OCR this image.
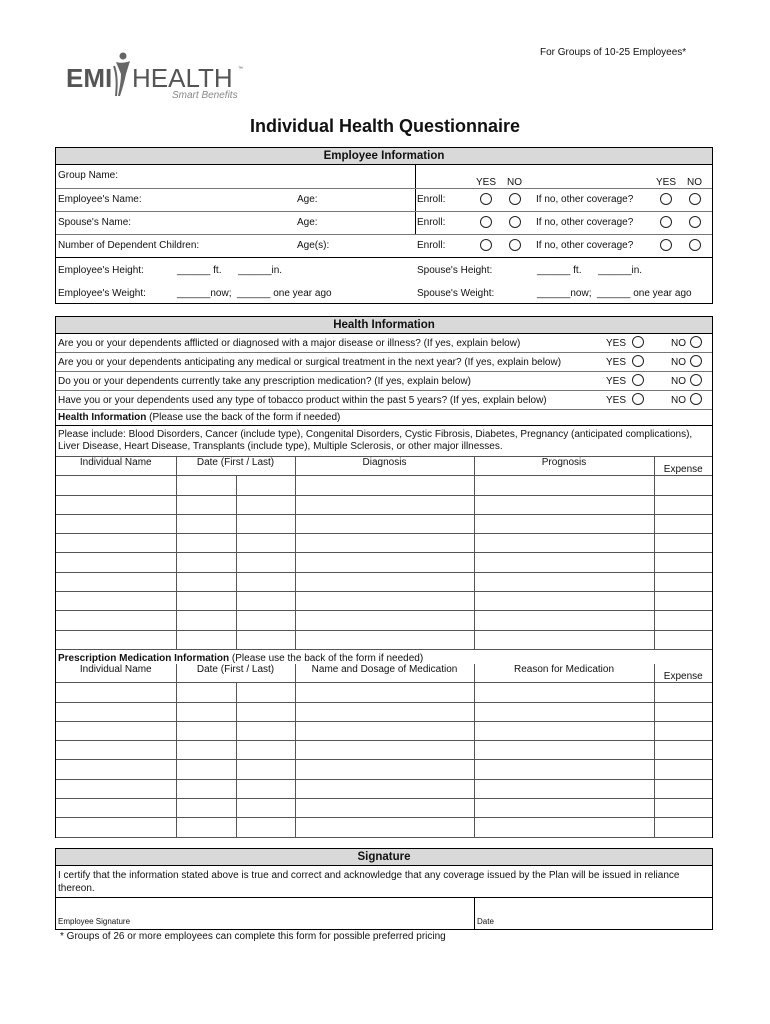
For Groups of 10-25 Employees*
EMI HEALTH ™
Smart Benefits
Individual Health Questionnaire
Employee Information
Group Name:
YES NO	YES NO
Employee's Name:	Age:	Enroll:	If no, other coverage?
Spouse's Name:	Age:	Enroll:	If no, other coverage?
Number of Dependent Children:	Age(s):	Enroll:	If no, other coverage?
Employee's Height:	______ ft.      ______in.	Spouse's Height:	______ ft.      ______in.
Employee's Weight:	______now;  ______ one year ago	Spouse's Weight:	______now;  ______ one year ago
Health Information
Are you or your dependents afflicted or diagnosed with a major disease or illness? (If yes, explain below)	YES	NO
Are you or your dependents anticipating any medical or surgical treatment in the next year? (If yes, explain below)	YES	NO
Do you or your dependents currently take any prescription medication? (If yes, explain below)	YES	NO
Have you or your dependents used any type of tobacco product within the past 5 years? (If yes, explain below)	YES	NO
Health Information (Please use the back of the form if needed)
Please include: Blood Disorders, Cancer (include type), Congenital Disorders, Cystic Fibrosis, Diabetes, Pregnancy (anticipated complications),
Liver Disease, Heart Disease, Transplants (include type), Multiple Sclerosis, or other major illnesses.
Individual Name	Date (First / Last)		Diagnosis	Prognosis	Expense

Prescription Medication Information (Please use the back of the form if needed)
Individual Name	Date (First / Last)		Name and Dosage of Medication	Reason for Medication	Expense

Signature
I certify that the information stated above is true and correct and acknowledge that any coverage issued by the Plan will be issued in reliance
thereon.
Employee Signature	Date
* Groups of 26 or more employees can complete this form for possible preferred pricing
